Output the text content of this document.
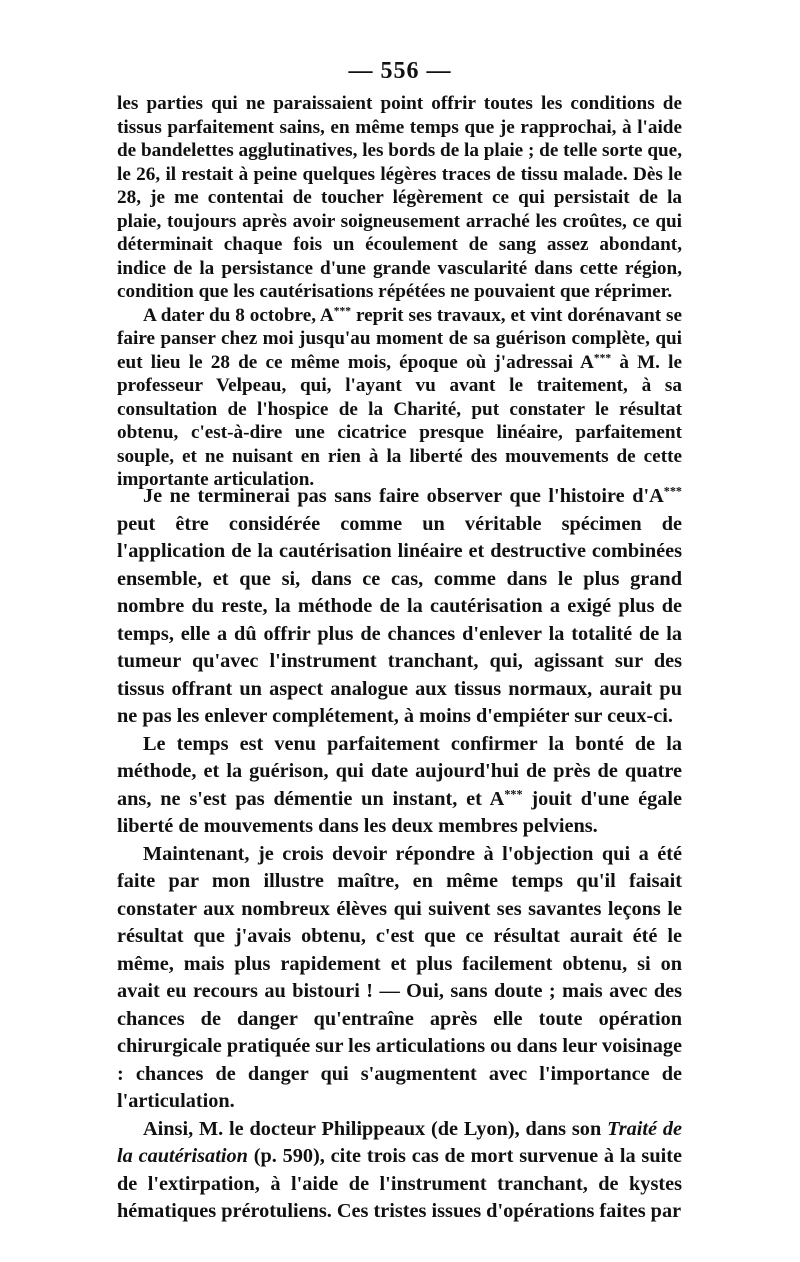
— 556 —

les parties qui ne paraissaient point offrir toutes les conditions de tissus parfaitement sains, en même temps que je rapprochai, à l'aide de bandelettes agglutinatives, les bords de la plaie ; de telle sorte que, le 26, il restait à peine quelques légères traces de tissu malade. Dès le 28, je me contentai de toucher légèrement ce qui persistait de la plaie, toujours après avoir soigneusement arraché les croûtes, ce qui déterminait chaque fois un écoulement de sang assez abondant, indice de la persistance d'une grande vascularité dans cette région, condition que les cautérisations répétées ne pouvaient que réprimer.

A dater du 8 octobre, A*** reprit ses travaux, et vint dorénavant se faire panser chez moi jusqu'au moment de sa guérison complète, qui eut lieu le 28 de ce même mois, époque où j'adressai A*** à M. le professeur Velpeau, qui, l'ayant vu avant le traitement, à sa consultation de l'hospice de la Charité, put constater le résultat obtenu, c'est-à-dire une cicatrice presque linéaire, parfaitement souple, et ne nuisant en rien à la liberté des mouvements de cette importante articulation.

Je ne terminerai pas sans faire observer que l'histoire d'A*** peut être considérée comme un véritable spécimen de l'application de la cautérisation linéaire et destructive combinées ensemble, et que si, dans ce cas, comme dans le plus grand nombre du reste, la méthode de la cautérisation a exigé plus de temps, elle a dû offrir plus de chances d'enlever la totalité de la tumeur qu'avec l'instrument tranchant, qui, agissant sur des tissus offrant un aspect analogue aux tissus normaux, aurait pu ne pas les enlever complétement, à moins d'empiéter sur ceux-ci.

Le temps est venu parfaitement confirmer la bonté de la méthode, et la guérison, qui date aujourd'hui de près de quatre ans, ne s'est pas démentie un instant, et A*** jouit d'une égale liberté de mouvements dans les deux membres pelviens.

Maintenant, je crois devoir répondre à l'objection qui a été faite par mon illustre maître, en même temps qu'il faisait constater aux nombreux élèves qui suivent ses savantes leçons le résultat que j'avais obtenu, c'est que ce résultat aurait été le même, mais plus rapidement et plus facilement obtenu, si on avait eu recours au bistouri ! — Oui, sans doute ; mais avec des chances de danger qu'entraîne après elle toute opération chirurgicale pratiquée sur les articulations ou dans leur voisinage : chances de danger qui s'augmentent avec l'importance de l'articulation.

Ainsi, M. le docteur Philippeaux (de Lyon), dans son Traité de la cautérisation (p. 590), cite trois cas de mort survenue à la suite de l'extirpation, à l'aide de l'instrument tranchant, de kystes hématiques prérotuliens. Ces tristes issues d'opérations faites par
